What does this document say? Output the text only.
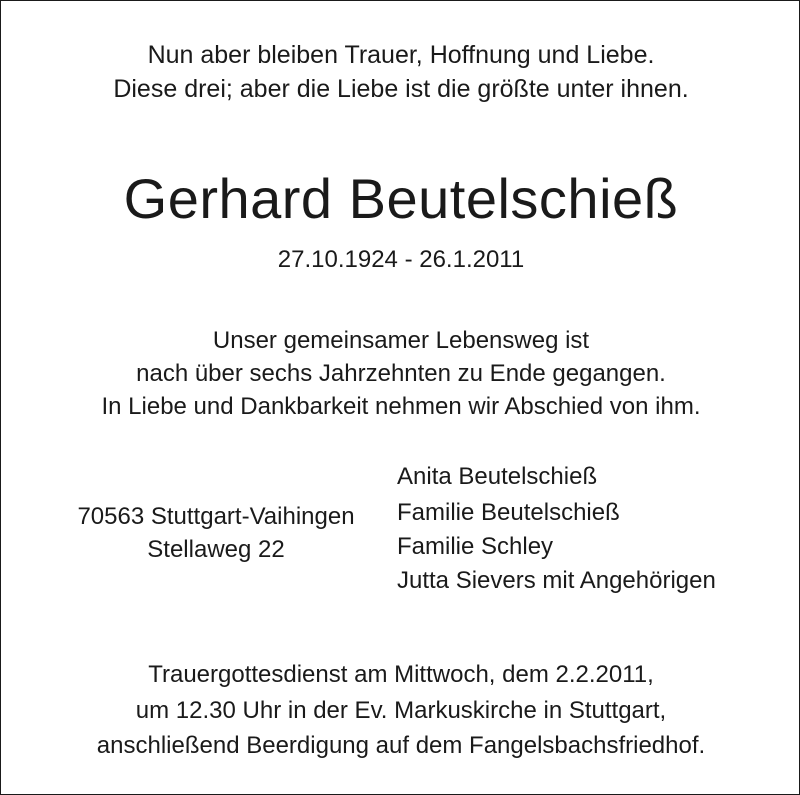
Nun aber bleiben Trauer, Hoffnung und Liebe.
Diese drei; aber die Liebe ist die größte unter ihnen.
Gerhard Beutelschieß
27.10.1924 - 26.1.2011
Unser gemeinsamer Lebensweg ist
nach über sechs Jahrzehnten zu Ende gegangen.
In Liebe und Dankbarkeit nehmen wir Abschied von ihm.
70563 Stuttgart-Vaihingen
Stellaweg 22
Anita Beutelschieß
Familie Beutelschieß
Familie Schley
Jutta Sievers mit Angehörigen
Trauergottesdienst am Mittwoch, dem 2.2.2011,
um 12.30 Uhr in der Ev. Markuskirche in Stuttgart,
anschließend Beerdigung auf dem Fangelsbachsfriedhof.
